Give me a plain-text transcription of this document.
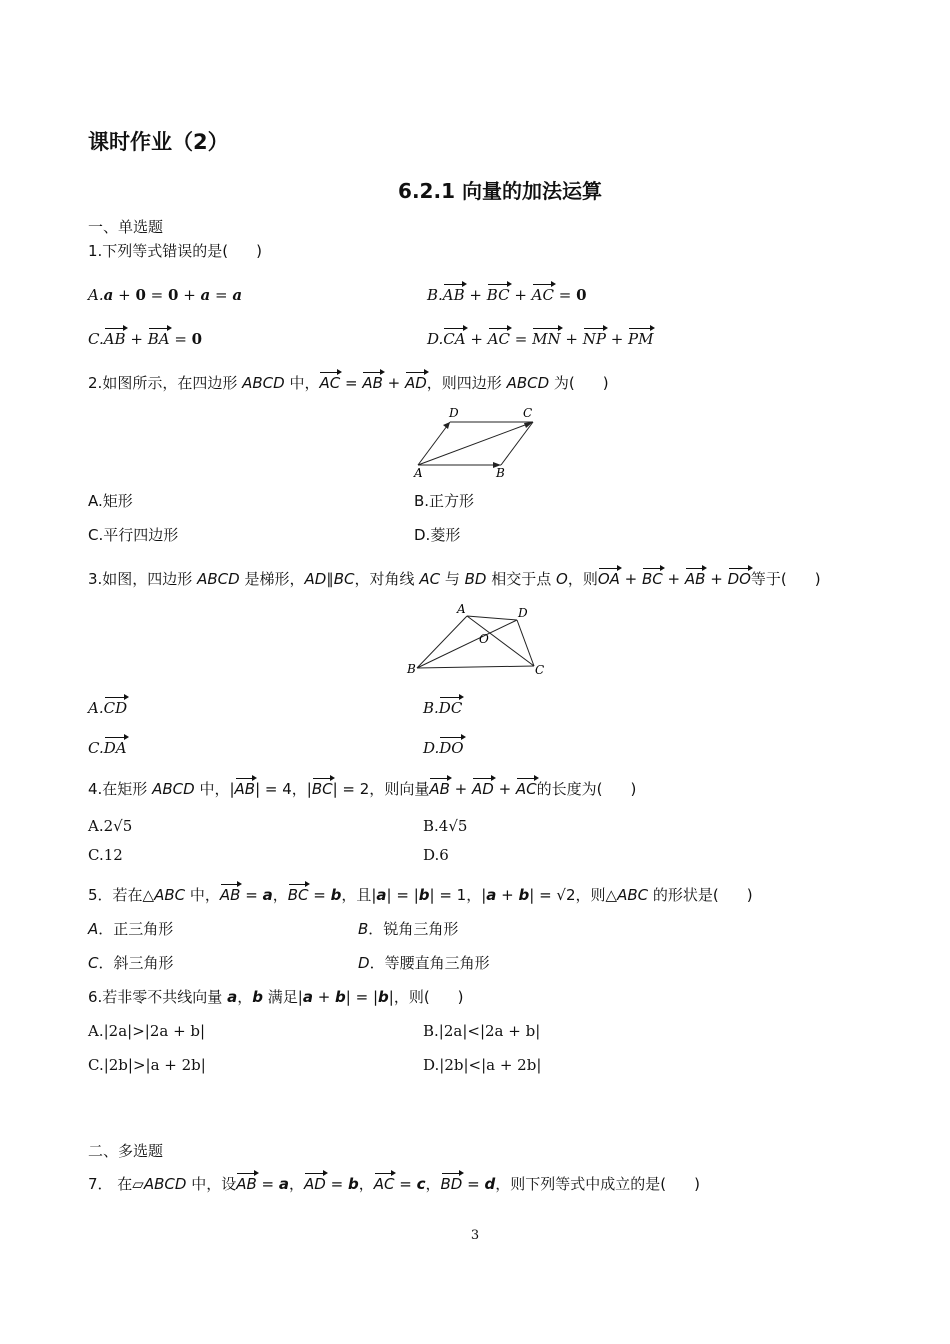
课时作业（2）
6.2.1 向量的加法运算
一、单选题
1.下列等式错误的是( )
A.a + 0 = 0 + a = a	B.AB + BC + AC = 0
C.AB + BA = 0	D.CA + AC = MN + NP + PM
2.如图所示，在四边形 ABCD 中，AC = AB + AD，则四边形 ABCD 为( )
D	C
A	B
A.矩形	B.正方形
C.平行四边形	D.菱形
3.如图，四边形 ABCD 是梯形，AD∥BC，对角线 AC 与 BD 相交于点 O，则OA + BC + AB + DO等于( )
A	D
O
B	C
A.CD	B.DC
C.DA	D.DO
4.在矩形 ABCD 中，|AB| = 4，|BC| = 2，则向量AB + AD + AC的长度为( )
A.2√5	B.4√5
C.12	D.6
5．若在△ABC 中，AB = a，BC = b，且|a| = |b| = 1，|a + b| = √2，则△ABC 的形状是( )
A．正三角形	B．锐角三角形
C．斜三角形	D．等腰直角三角形
6.若非零不共线向量 a，b 满足|a + b| = |b|，则( )
A.|2a|>|2a + b|	B.|2a|<|2a + b|
C.|2b|>|a + 2b|	D.|2b|<|a + 2b|
二、多选题
7． 在▱ABCD 中，设AB = a，AD = b，AC = c，BD = d，则下列等式中成立的是( )
3
